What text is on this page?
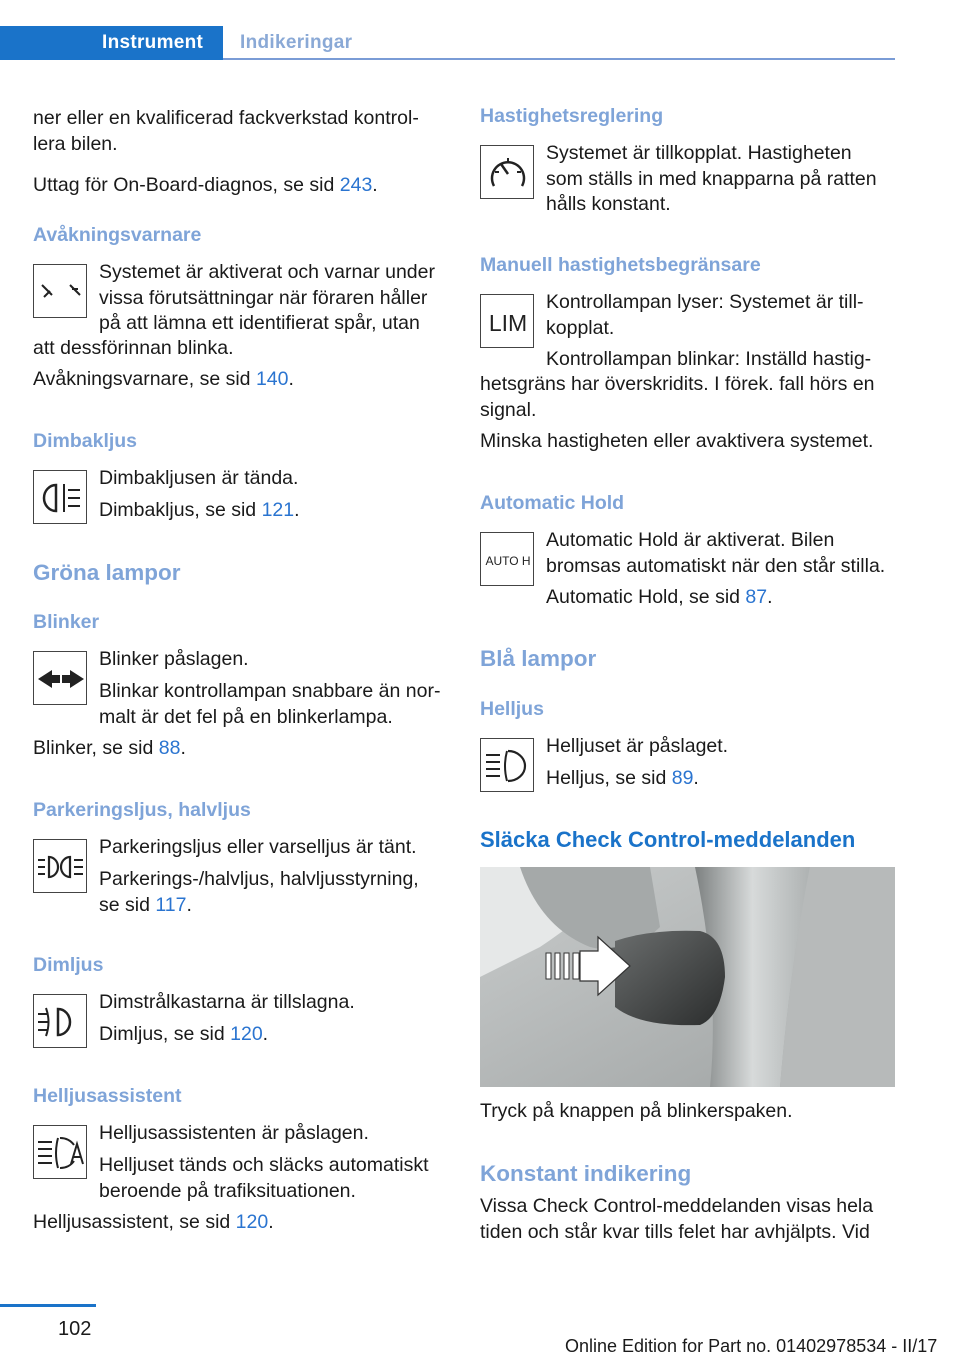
Instrument Indikeringar
ner eller en kvalificerad fackverkstad kontrol‐
lera bilen.
Uttag för On-Board-diagnos, se sid 243.
Avåkningsvarnare
Systemet är aktiverat och varnar under
vissa förutsättningar när föraren håller
på att lämna ett identifierat spår, utan
att dessförinnan blinka.
Avåkningsvarnare, se sid 140.
Dimbakljus
Dimbakljusen är tända.
Dimbakljus, se sid 121.
Gröna lampor
Blinker
Blinker påslagen.
Blinkar kontrollampan snabbare än nor‐
malt är det fel på en blinkerlampa.
Blinker, se sid 88.
Parkeringsljus, halvljus
Parkeringsljus eller varselljus är tänt.
Parkerings-/halvljus, halvljusstyrning,
se sid 117.
Dimljus
Dimstrålkastarna är tillslagna.
Dimljus, se sid 120.
Helljusassistent
Helljusassistenten är påslagen.
Helljuset tänds och släcks automatiskt
beroende på trafiksituationen.
Helljusassistent, se sid 120.
Hastighetsreglering
Systemet är tillkopplat. Hastigheten
som ställs in med knapparna på ratten
hålls konstant.
Manuell hastighetsbegränsare
LIM
Kontrollampan lyser: Systemet är till‐
kopplat.
Kontrollampan blinkar: Inställd hastig‐
hetsgräns har överskridits. I förek. fall hörs en
signal.
Minska hastigheten eller avaktivera systemet.
Automatic Hold
AUTO H
Automatic Hold är aktiverat. Bilen
bromsas automatiskt när den står stilla.
Automatic Hold, se sid 87.
Blå lampor
Helljus
Helljuset är påslaget.
Helljus, se sid 89.
Släcka Check Control-meddelanden
Tryck på knappen på blinkerspaken.
Konstant indikering
Vissa Check Control-meddelanden visas hela
tiden och står kvar tills felet har avhjälpts. Vid
102
Online Edition for Part no. 01402978534 - II/17
